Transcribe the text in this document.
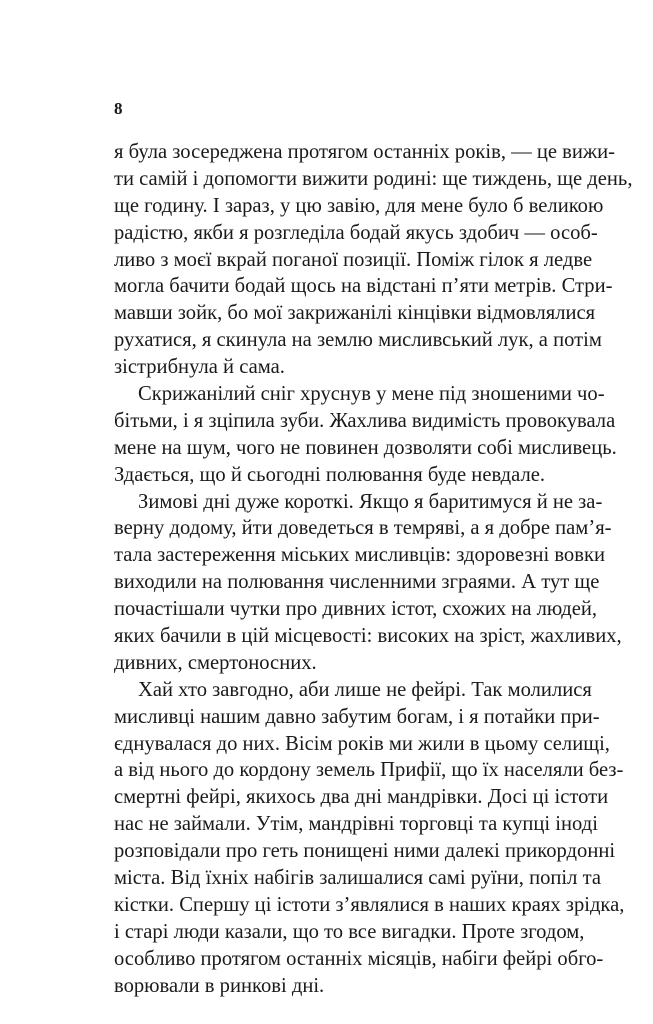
8
я була зосереджена протягом останніх років, — це вижи-
ти самій і допомогти вижити родині: ще тиждень, ще день,
ще годину. І зараз, у цю завію, для мене було б великою
радістю, якби я розгледіла бодай якусь здобич — особ-
ливо з моєї вкрай поганої позиції. Поміж гілок я ледве
могла бачити бодай щось на відстані п’яти метрів. Стри-
мавши зойк, бо мої закрижанілі кінцівки відмовлялися
рухатися, я скинула на землю мисливський лук, а потім
зістрибнула й сама.
Скрижанілий сніг хруснув у мене під зношеними чо-
бітьми, і я зціпила зуби. Жахлива видимість провокувала
мене на шум, чого не повинен дозволяти собі мисливець.
Здається, що й сьогодні полювання буде невдале.
Зимові дні дуже короткі. Якщо я баритимуся й не за-
верну додому, йти доведеться в темряві, а я добре пам’я-
тала застереження міських мисливців: здоровезні вовки
виходили на полювання численними зграями. А тут ще
почастішали чутки про дивних істот, схожих на людей,
яких бачили в цій місцевості: високих на зріст, жахливих,
дивних, смертоносних.
Хай хто завгодно, аби лише не фейрі. Так молилися
мисливці нашим давно забутим богам, і я потайки при-
єднувалася до них. Вісім років ми жили в цьому селищі,
а від нього до кордону земель Прифії, що їх населяли без-
смертні фейрі, якихось два дні мандрівки. Досі ці істоти
нас не займали. Утім, мандрівні торговці та купці іноді
розповідали про геть понищені ними далекі прикордонні
міста. Від їхніх набігів залишалися самі руїни, попіл та
кістки. Спершу ці істоти з’являлися в наших краях зрідка,
і старі люди казали, що то все вигадки. Проте згодом,
особливо протягом останніх місяців, набіги фейрі обго-
ворювали в ринкові дні.
